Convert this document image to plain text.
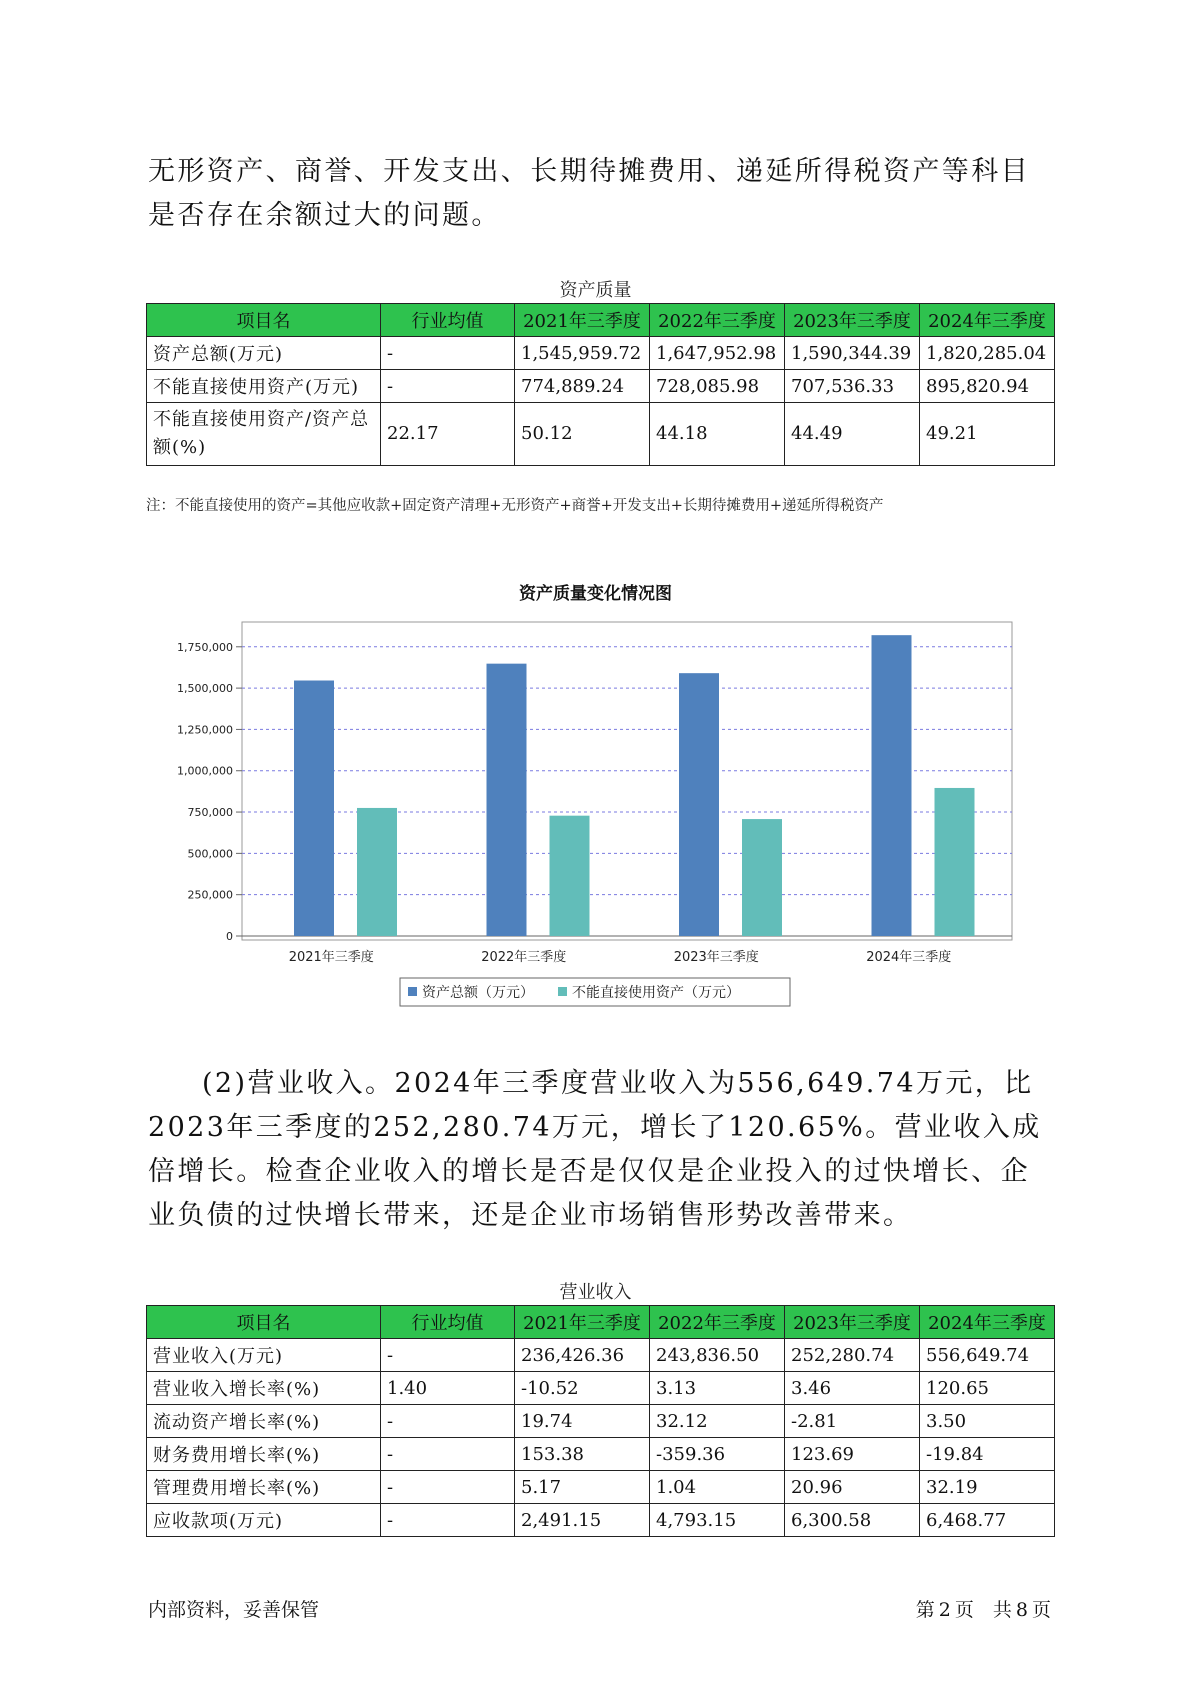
无形资产、商誉、开发支出、长期待摊费用、递延所得税资产等科目是否存在余额过大的问题。

资产质量
项目名	行业均值	2021年三季度	2022年三季度	2023年三季度	2024年三季度
资产总额(万元)	-	1,545,959.72	1,647,952.98	1,590,344.39	1,820,285.04
不能直接使用资产(万元)	-	774,889.24	728,085.98	707,536.33	895,820.94
不能直接使用资产/资产总额(%)	22.17	50.12	44.18	44.49	49.21
注：不能直接使用的资产=其他应收款+固定资产清理+无形资产+商誉+开发支出+长期待摊费用+递延所得税资产
资产质量变化情况图
0
250,000
500,000
750,000
1,000,000
1,250,000
1,500,000
1,750,000
2021年三季度	2022年三季度	2023年三季度	2024年三季度
资产总额（万元）	不能直接使用资产（万元）

(2)营业收入。2024年三季度营业收入为556,649.74万元，比2023年三季度的252,280.74万元，增长了120.65%。营业收入成倍增长。检查企业收入的增长是否是仅仅是企业投入的过快增长、企业负债的过快增长带来，还是企业市场销售形势改善带来。

营业收入
项目名	行业均值	2021年三季度	2022年三季度	2023年三季度	2024年三季度
营业收入(万元)	-	236,426.36	243,836.50	252,280.74	556,649.74
营业收入增长率(%)	1.40	-10.52	3.13	3.46	120.65
流动资产增长率(%)	-	19.74	32.12	-2.81	3.50
财务费用增长率(%)	-	153.38	-359.36	123.69	-19.84
管理费用增长率(%)	-	5.17	1.04	20.96	32.19
应收款项(万元)	-	2,491.15	4,793.15	6,300.58	6,468.77
内部资料，妥善保管	第 2 页　共 8 页
